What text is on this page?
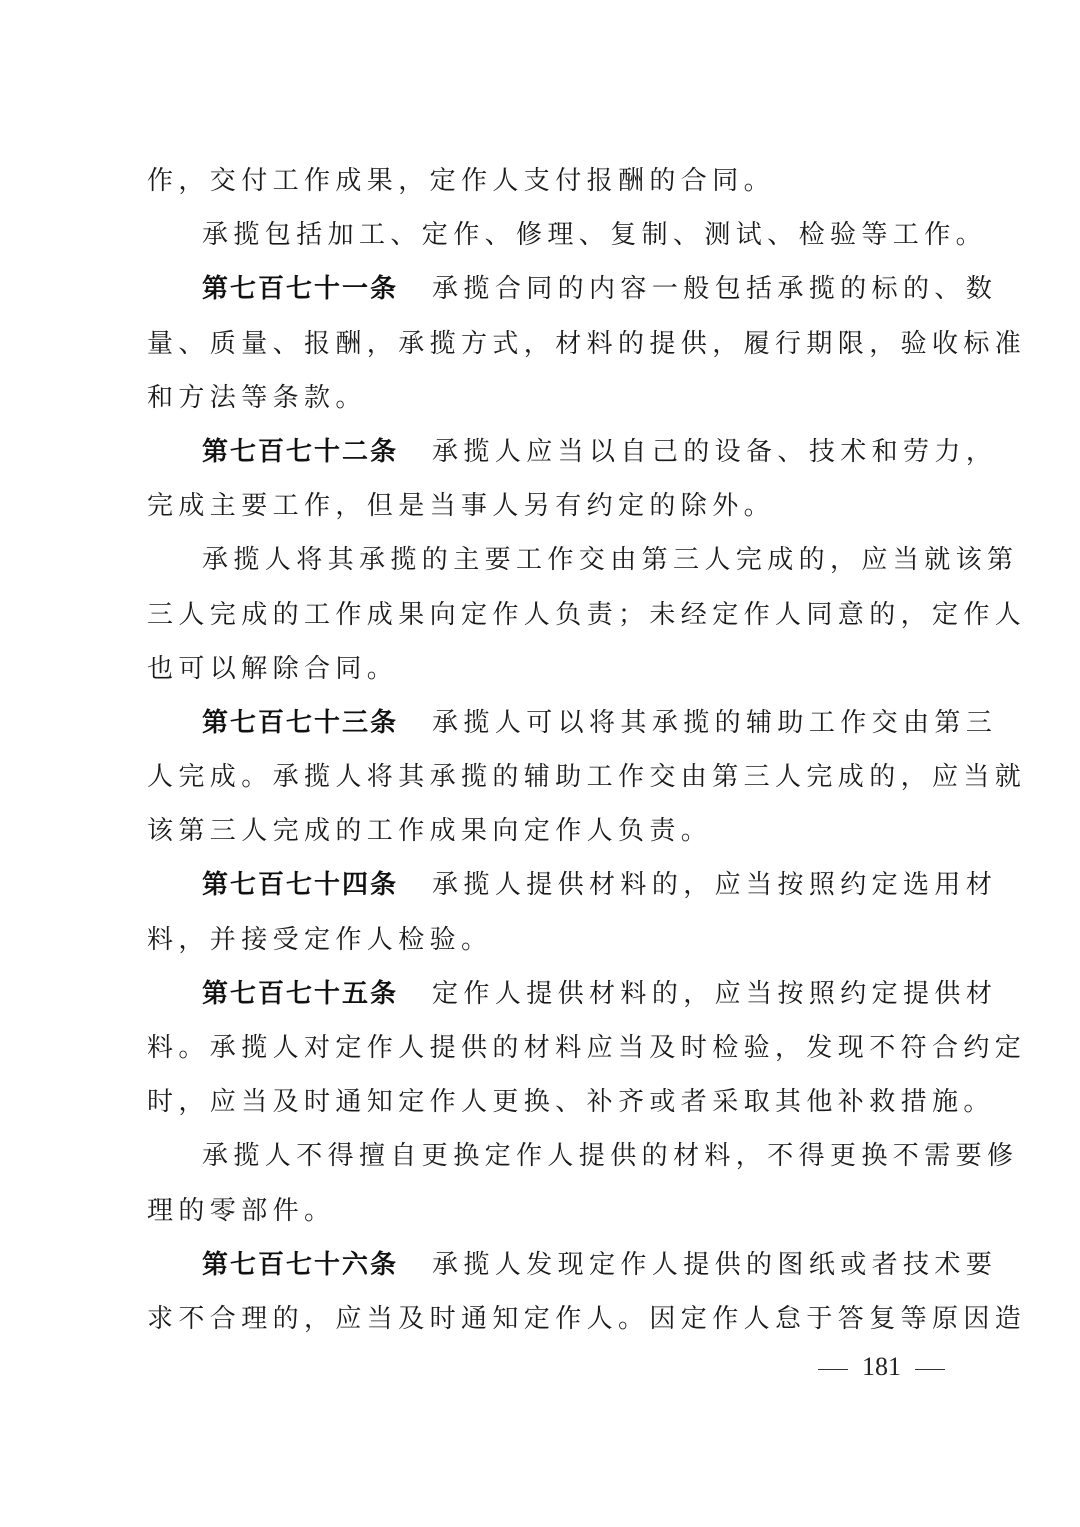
作，交付工作成果，定作人支付报酬的合同。
承揽包括加工、定作、修理、复制、测试、检验等工作。
第七百七十一条 承揽合同的内容一般包括承揽的标的、数
量、质量、报酬，承揽方式，材料的提供，履行期限，验收标准
和方法等条款。
第七百七十二条 承揽人应当以自己的设备、技术和劳力，
完成主要工作，但是当事人另有约定的除外。
承揽人将其承揽的主要工作交由第三人完成的，应当就该第
三人完成的工作成果向定作人负责；未经定作人同意的，定作人
也可以解除合同。
第七百七十三条 承揽人可以将其承揽的辅助工作交由第三
人完成。承揽人将其承揽的辅助工作交由第三人完成的，应当就
该第三人完成的工作成果向定作人负责。
第七百七十四条 承揽人提供材料的，应当按照约定选用材
料，并接受定作人检验。
第七百七十五条 定作人提供材料的，应当按照约定提供材
料。承揽人对定作人提供的材料应当及时检验，发现不符合约定
时，应当及时通知定作人更换、补齐或者采取其他补救措施。
承揽人不得擅自更换定作人提供的材料，不得更换不需要修
理的零部件。
第七百七十六条 承揽人发现定作人提供的图纸或者技术要
求不合理的，应当及时通知定作人。因定作人怠于答复等原因造
181
